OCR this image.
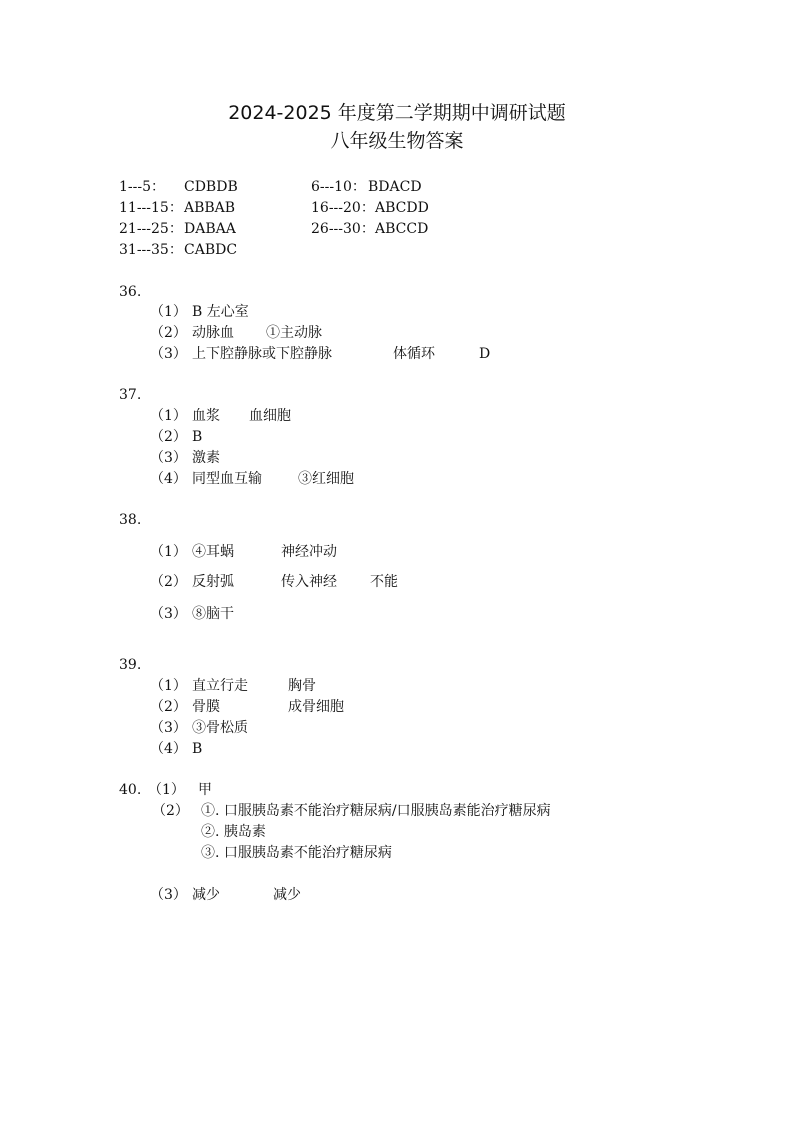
2024-2025 年度第二学期期中调研试题
八年级生物答案
1---5： CDBDB	6---10： BDACD
11---15： ABBAB	16---20： ABCDD
21---25： DABAA	26---30： ABCCD
31---35： CABDC
36.
（1） B 左心室
（2） 动脉血 ①主动脉
（3） 上下腔静脉或下腔静脉	体循环	D
37.
（1） 血浆 血细胞
（2） B
（3） 激素
（4） 同型血互输	③红细胞
38.
（1） ④耳蜗	神经冲动
（2） 反射弧	传入神经 不能
（3） ⑧脑干
39.
（1） 直立行走	胸骨
（2） 骨膜	成骨细胞
（3） ③骨松质
（4） B
40. （1） 甲
（2） ①. 口服胰岛素不能治疗糖尿病/口服胰岛素能治疗糖尿病
②. 胰岛素
③. 口服胰岛素不能治疗糖尿病
（3） 减少	减少
